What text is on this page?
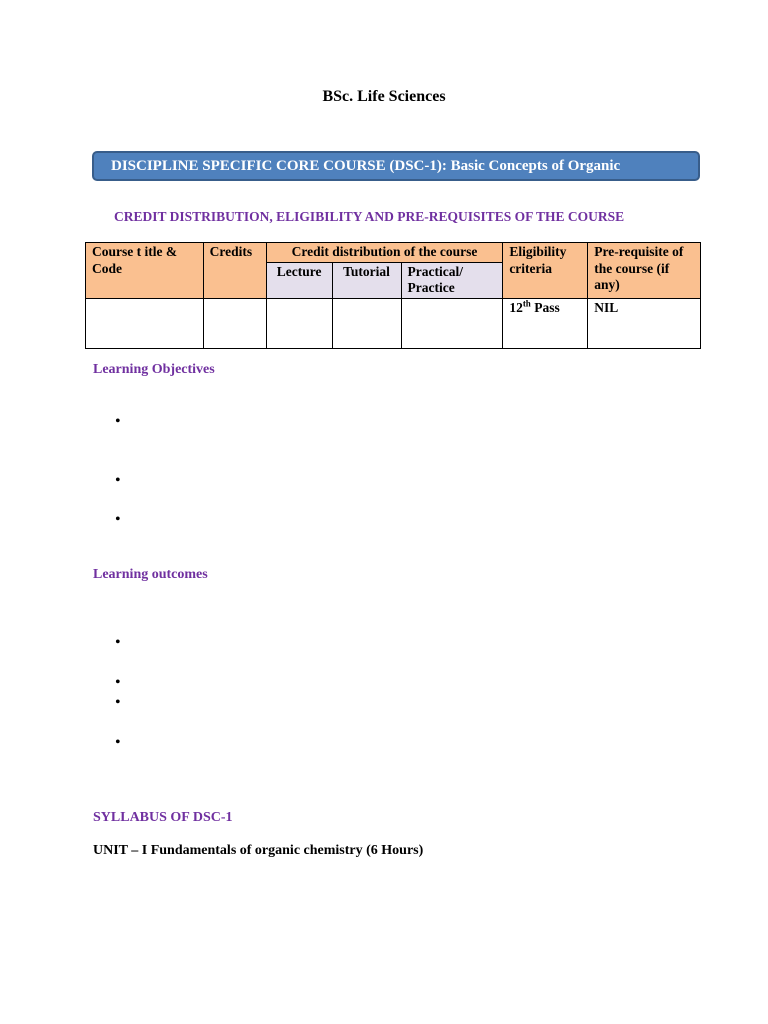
BSc. Life Sciences
DISCIPLINE SPECIFIC CORE COURSE (DSC-1): Basic Concepts of Organic
CREDIT DISTRIBUTION, ELIGIBILITY AND PRE-REQUISITES OF THE COURSE
Course t itle & Code	Credits	Credit distribution of the course			Eligibility criteria	Pre-requisite of the course (if any)
		Lecture	Tutorial	Practical/ Practice		
					12th Pass	NIL
Learning Objectives
•
•
•
Learning outcomes
•
•
•
•
SYLLABUS OF DSC-1
UNIT – I Fundamentals of organic chemistry (6 Hours)
